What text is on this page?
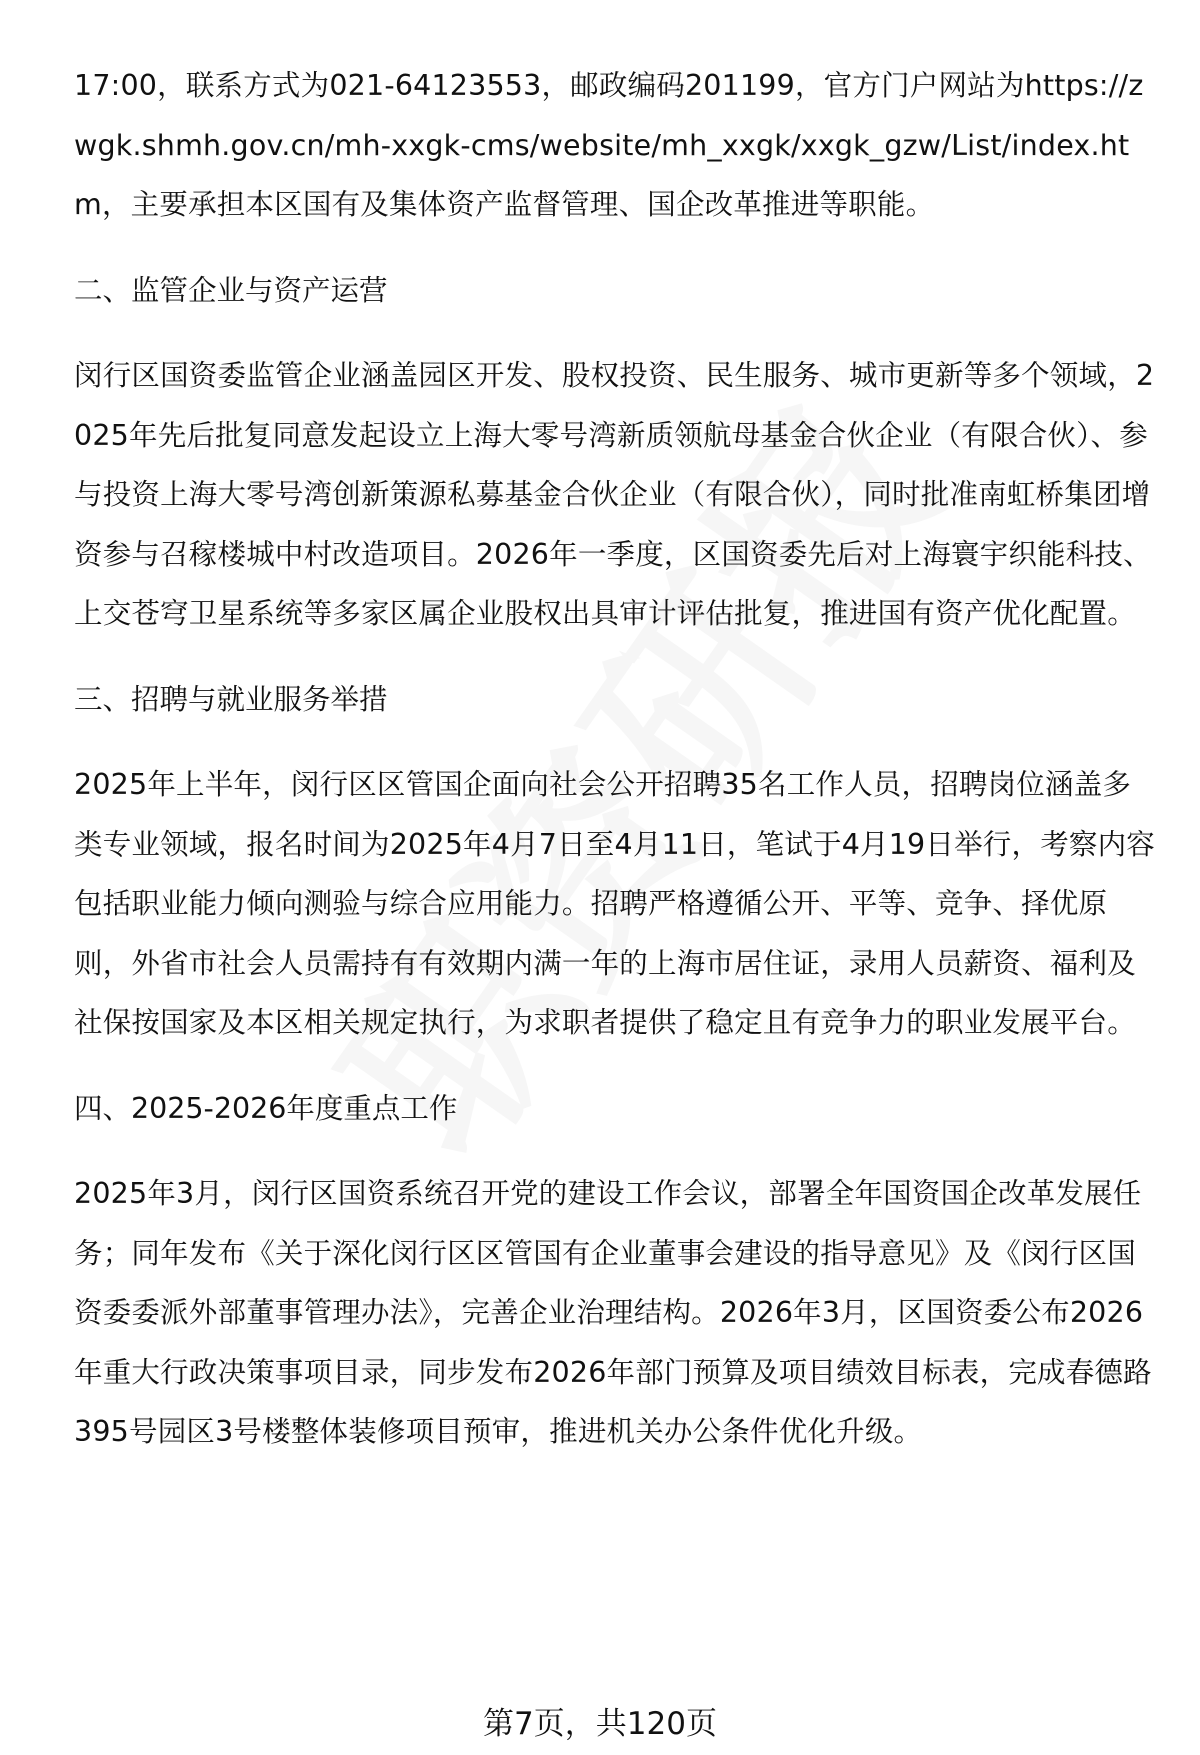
17:00，联系方式为021-64123553，邮政编码201199，官方门户网站为https://zwgk.shmh.gov.cn/mh-xxgk-cms/website/mh_xxgk/xxgk_gzw/List/index.htm，主要承担本区国有及集体资产监督管理、国企改革推进等职能。

二、监管企业与资产运营

闵行区国资委监管企业涵盖园区开发、股权投资、民生服务、城市更新等多个领域，2025年先后批复同意发起设立上海大零号湾新质领航母基金合伙企业（有限合伙）、参与投资上海大零号湾创新策源私募基金合伙企业（有限合伙），同时批准南虹桥集团增资参与召稼楼城中村改造项目。2026年一季度，区国资委先后对上海寰宇织能科技、上交苍穹卫星系统等多家区属企业股权出具审计评估批复，推进国有资产优化配置。

三、招聘与就业服务举措

2025年上半年，闵行区区管国企面向社会公开招聘35名工作人员，招聘岗位涵盖多类专业领域，报名时间为2025年4月7日至4月11日，笔试于4月19日举行，考察内容包括职业能力倾向测验与综合应用能力。招聘严格遵循公开、平等、竞争、择优原则，外省市社会人员需持有有效期内满一年的上海市居住证，录用人员薪资、福利及社保按国家及本区相关规定执行，为求职者提供了稳定且有竞争力的职业发展平台。

四、2025-2026年度重点工作

2025年3月，闵行区国资系统召开党的建设工作会议，部署全年国资国企改革发展任务；同年发布《关于深化闵行区区管国有企业董事会建设的指导意见》及《闵行区国资委委派外部董事管理办法》，完善企业治理结构。2026年3月，区国资委公布2026年重大行政决策事项目录，同步发布2026年部门预算及项目绩效目标表，完成春德路395号园区3号楼整体装修项目预审，推进机关办公条件优化升级。

第7页，共120页
